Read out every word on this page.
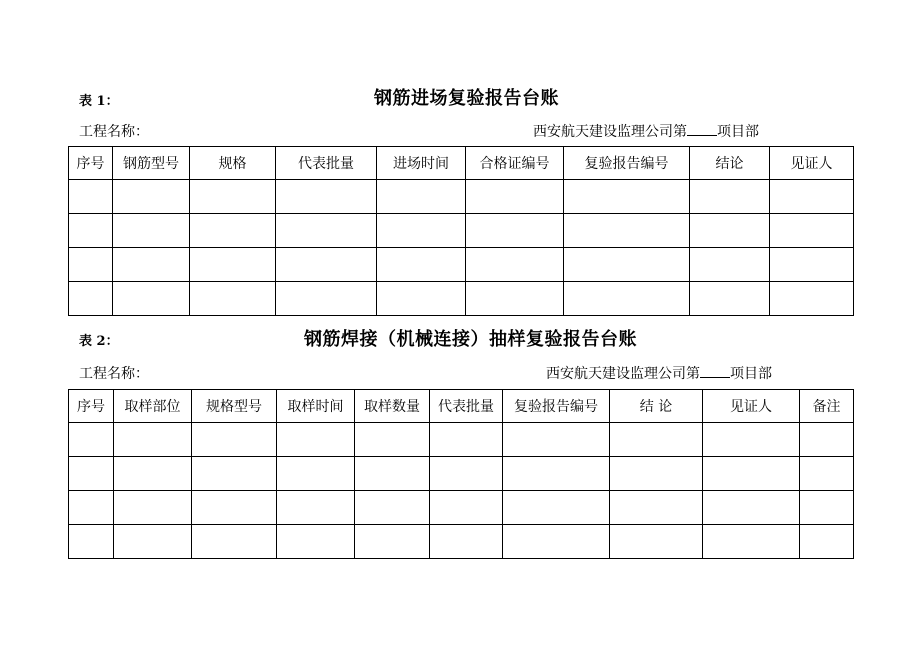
表 1：	钢筋进场复验报告台账
工程名称：	西安航天建设监理公司第 项目部
序号	钢筋型号	规格	代表批量	进场时间	合格证编号	复验报告编号	结论	见证人

表 2：	钢筋焊接（机械连接）抽样复验报告台账
工程名称：	西安航天建设监理公司第 项目部
序号	取样部位	规格型号	取样时间	取样数量	代表批量	复验报告编号	结 论	见证人	备注
